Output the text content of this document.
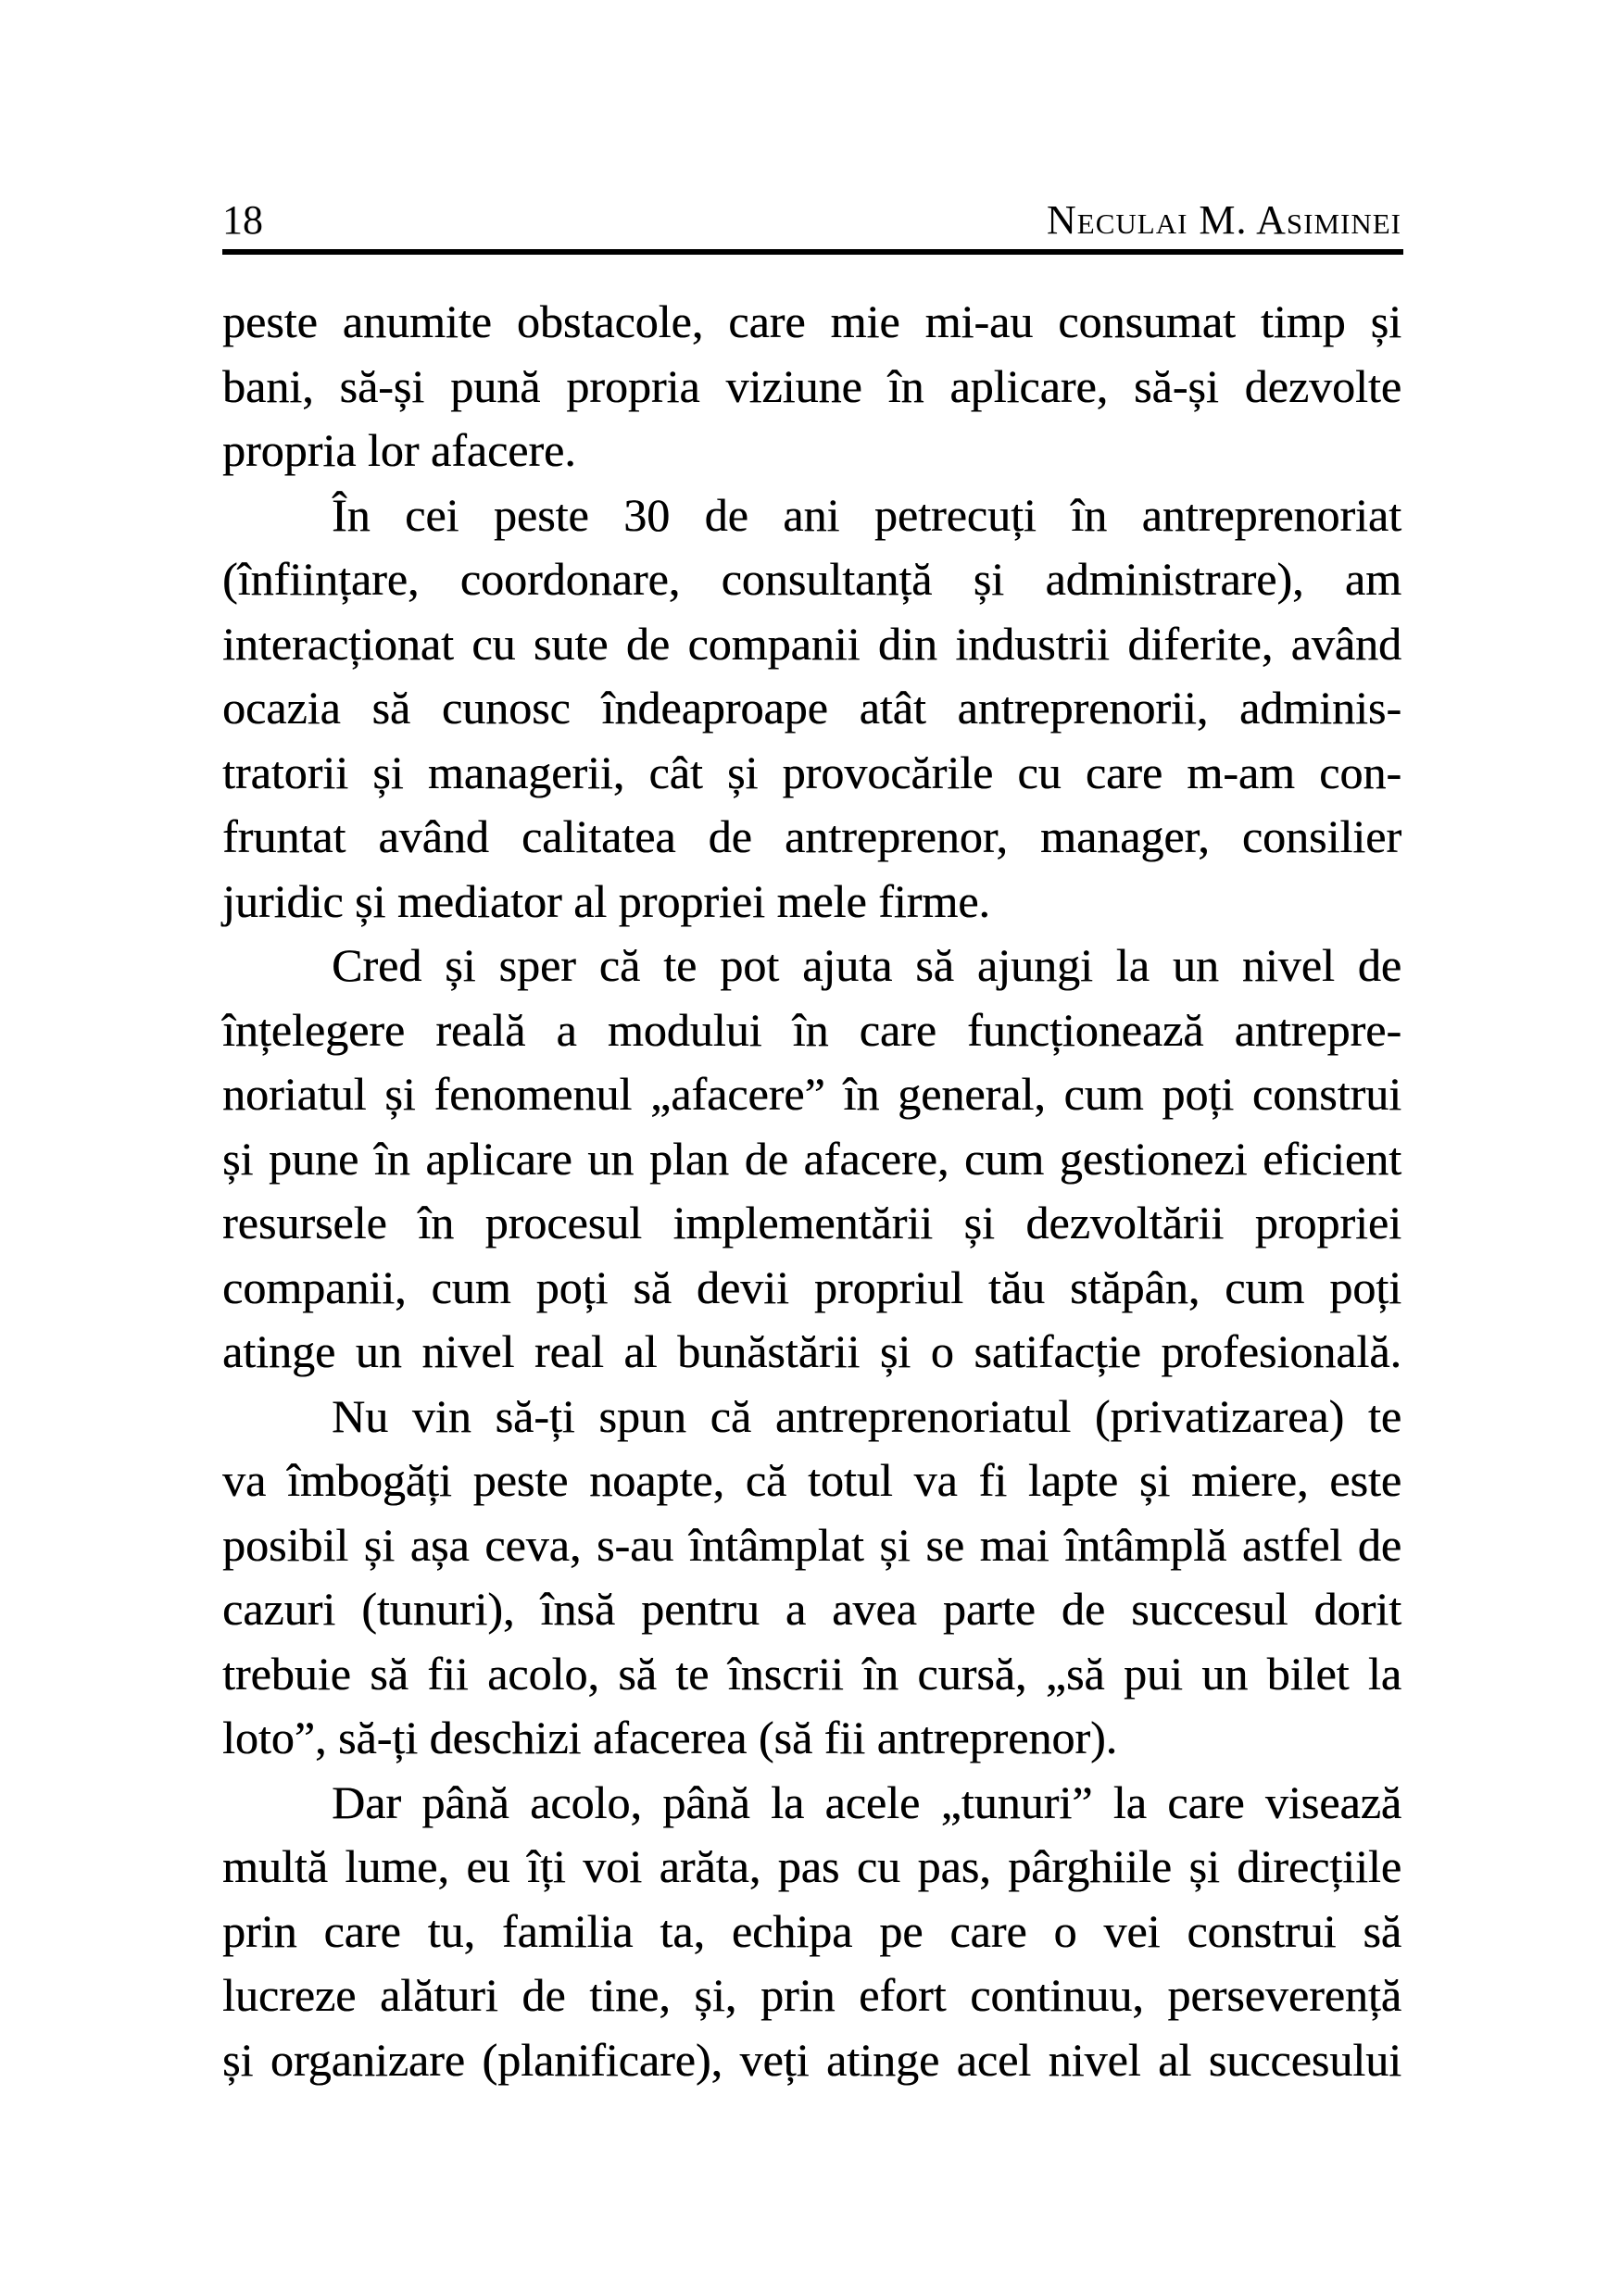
18	Neculai M. Asiminei
peste anumite obstacole, care mie mi-au consumat timp și
bani, să-și pună propria viziune în aplicare, să-și dezvolte
propria lor afacere.
În cei peste 30 de ani petrecuți în antreprenoriat
(înființare, coordonare, consultanță și administrare), am
interacționat cu sute de companii din industrii diferite, având
ocazia să cunosc îndeaproape atât antreprenorii, adminis-
tratorii și managerii, cât și provocările cu care m-am con-
fruntat având calitatea de antreprenor, manager, consilier
juridic și mediator al propriei mele firme.
Cred și sper că te pot ajuta să ajungi la un nivel de
înțelegere reală a modului în care funcționează antrepre-
noriatul și fenomenul „afacere” în general, cum poți construi
și pune în aplicare un plan de afacere, cum gestionezi eficient
resursele în procesul implementării și dezvoltării propriei
companii, cum poți să devii propriul tău stăpân, cum poți
atinge un nivel real al bunăstării și o satifacție profesională.
Nu vin să-ți spun că antreprenoriatul (privatizarea) te
va îmbogăți peste noapte, că totul va fi lapte și miere, este
posibil și așa ceva, s-au întâmplat și se mai întâmplă astfel de
cazuri (tunuri), însă pentru a avea parte de succesul dorit
trebuie să fii acolo, să te înscrii în cursă, „să pui un bilet la
loto”, să-ți deschizi afacerea (să fii antreprenor).
Dar până acolo, până la acele „tunuri” la care visează
multă lume, eu îți voi arăta, pas cu pas, pârghiile și direcțiile
prin care tu, familia ta, echipa pe care o vei construi să
lucreze alături de tine, și, prin efort continuu, perseverență
și organizare (planificare), veți atinge acel nivel al succesului
